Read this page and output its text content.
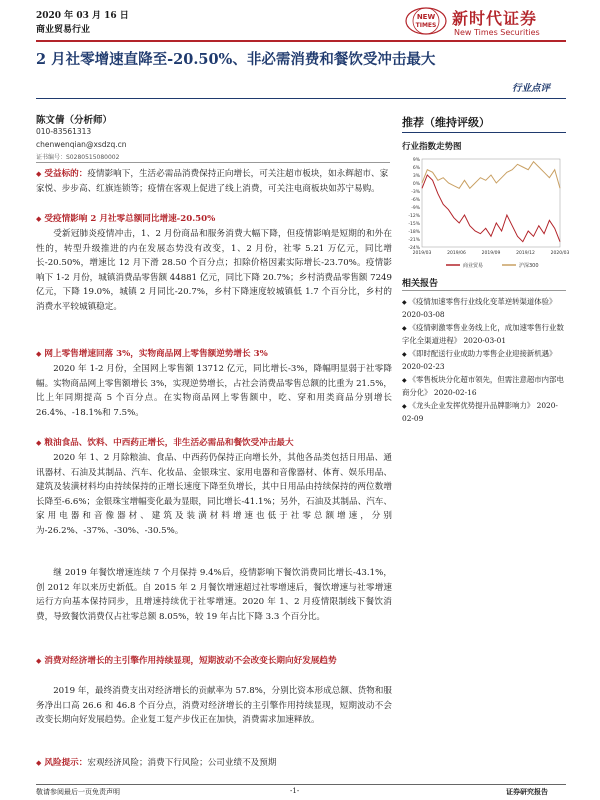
2020 年 03 月 16 日
商业贸易行业
NEW
TIMES 新时代证券
New Times Securities
2 月社零增速直降至-20.50%、非必需消费和餐饮受冲击最大
行业点评
陈文倩（分析师）
010-83561313
chenwenqian@xsdzq.cn
证书编号：S0280515080002
◆ 受益标的：疫情影响下，生活必需品消费保持正向增长，可关注超市板块，如永辉超市、家家悦、步步高、红旗连锁等；疫情在客观上促进了线上消费，可关注电商板块如苏宁易购。
◆ 受疫情影响 2 月社零总额同比增速-20.50%
受新冠肺炎疫情冲击，1、2 月份商品和服务消费大幅下降，但疫情影响是短期的和外在性的，转型升级推进的内在发展态势没有改变，1、2 月份，社零 5.21 万亿元，同比增长-20.50%，增速比 12 月下滑 28.50 个百分点；扣除价格因素实际增长-23.70%。疫情影响下 1-2 月份，城镇消费品零售额 44881 亿元，同比下降 20.7%；乡村消费品零售额 7249 亿元，下降 19.0%，城镇 2 月同比-20.7%，乡村下降速度较城镇低 1.7 个百分比，乡村的消费水平较城镇稳定。
◆ 网上零售增速回落 3%，实物商品网上零售额逆势增长 3%
2020 年 1-2 月份，全国网上零售额 13712 亿元，同比增长-3%，降幅明显弱于社零降幅。实物商品网上零售额增长 3%，实现逆势增长，占社会消费品零售总额的比重为 21.5%，比上年同期提高 5 个百分点。在实物商品网上零售额中，吃、穿和用类商品分别增长 26.4%、-18.1%和 7.5%。
◆ 粮油食品、饮料、中西药正增长，非生活必需品和餐饮受冲击最大
2020 年 1、2 月除粮油、食品、中西药仍保持正向增长外，其他各品类包括日用品、通讯器材、石油及其制品、汽车、化妆品、金银珠宝、家用电器和音像器材、体育、娱乐用品、建筑及装潢材料均由持续保持的正增长速度下降至负增长，其中日用品由持续保持的两位数增长降至-6.6%；金银珠宝增幅变化最为显眼，同比增长-41.1%；另外，石油及其制品、汽车、家用电器和音像器材、建筑及装潢材料增速也低于社零总额增速，分别为-26.2%、-37%、-30%、-30.5%。
继 2019 年餐饮增速连续 7 个月保持 9.4%后，疫情影响下餐饮消费同比增长-43.1%，创 2012 年以来历史新低。自 2015 年 2 月餐饮增速超过社零增速后，餐饮增速与社零增速运行方向基本保持同步，且增速持续优于社零增速。2020 年 1、2 月疫情限制线下餐饮消费，导致餐饮消费仅占社零总额 8.05%，较 19 年占比下降 3.3 个百分比。
◆ 消费对经济增长的主引擎作用持续显现，短期波动不会改变长期向好发展趋势
2019 年，最终消费支出对经济增长的贡献率为 57.8%，分别比资本形成总额、货物和服务净出口高 26.6 和 46.8 个百分点，消费对经济增长的主引擎作用持续显现，短期波动不会改变长期向好发展趋势。企业复工复产步伐正在加快，消费需求加速释放。
◆ 风险提示：宏观经济风险；消费下行风险；公司业绩不及预期
推荐（维持评级）
行业指数走势图
9%
6%
3%
0%
-3%
-6%
-9%
-12%
-15%
-18%
-21%
-24%
2019/03	2019/06	2019/09	2019/12	2020/03
商业贸易	沪深300
相关报告
◆ 《疫情加速零售行业线化变革逆转渠道体验》 2020-03-08
◆ 《疫情刺激零售业务线上化，成加速零售行业数字化全渠道进程》 2020-03-01
◆ 《即时配送行业成助力零售企业迎接新机遇》 2020-02-23
◆ 《零售板块分化超市领先，但需注意超市内部电商分化》 2020-02-16
◆ 《龙头企业发挥优势提升品牌影响力》 2020-02-09
敬请参阅最后一页免责声明	-1-	证券研究报告
